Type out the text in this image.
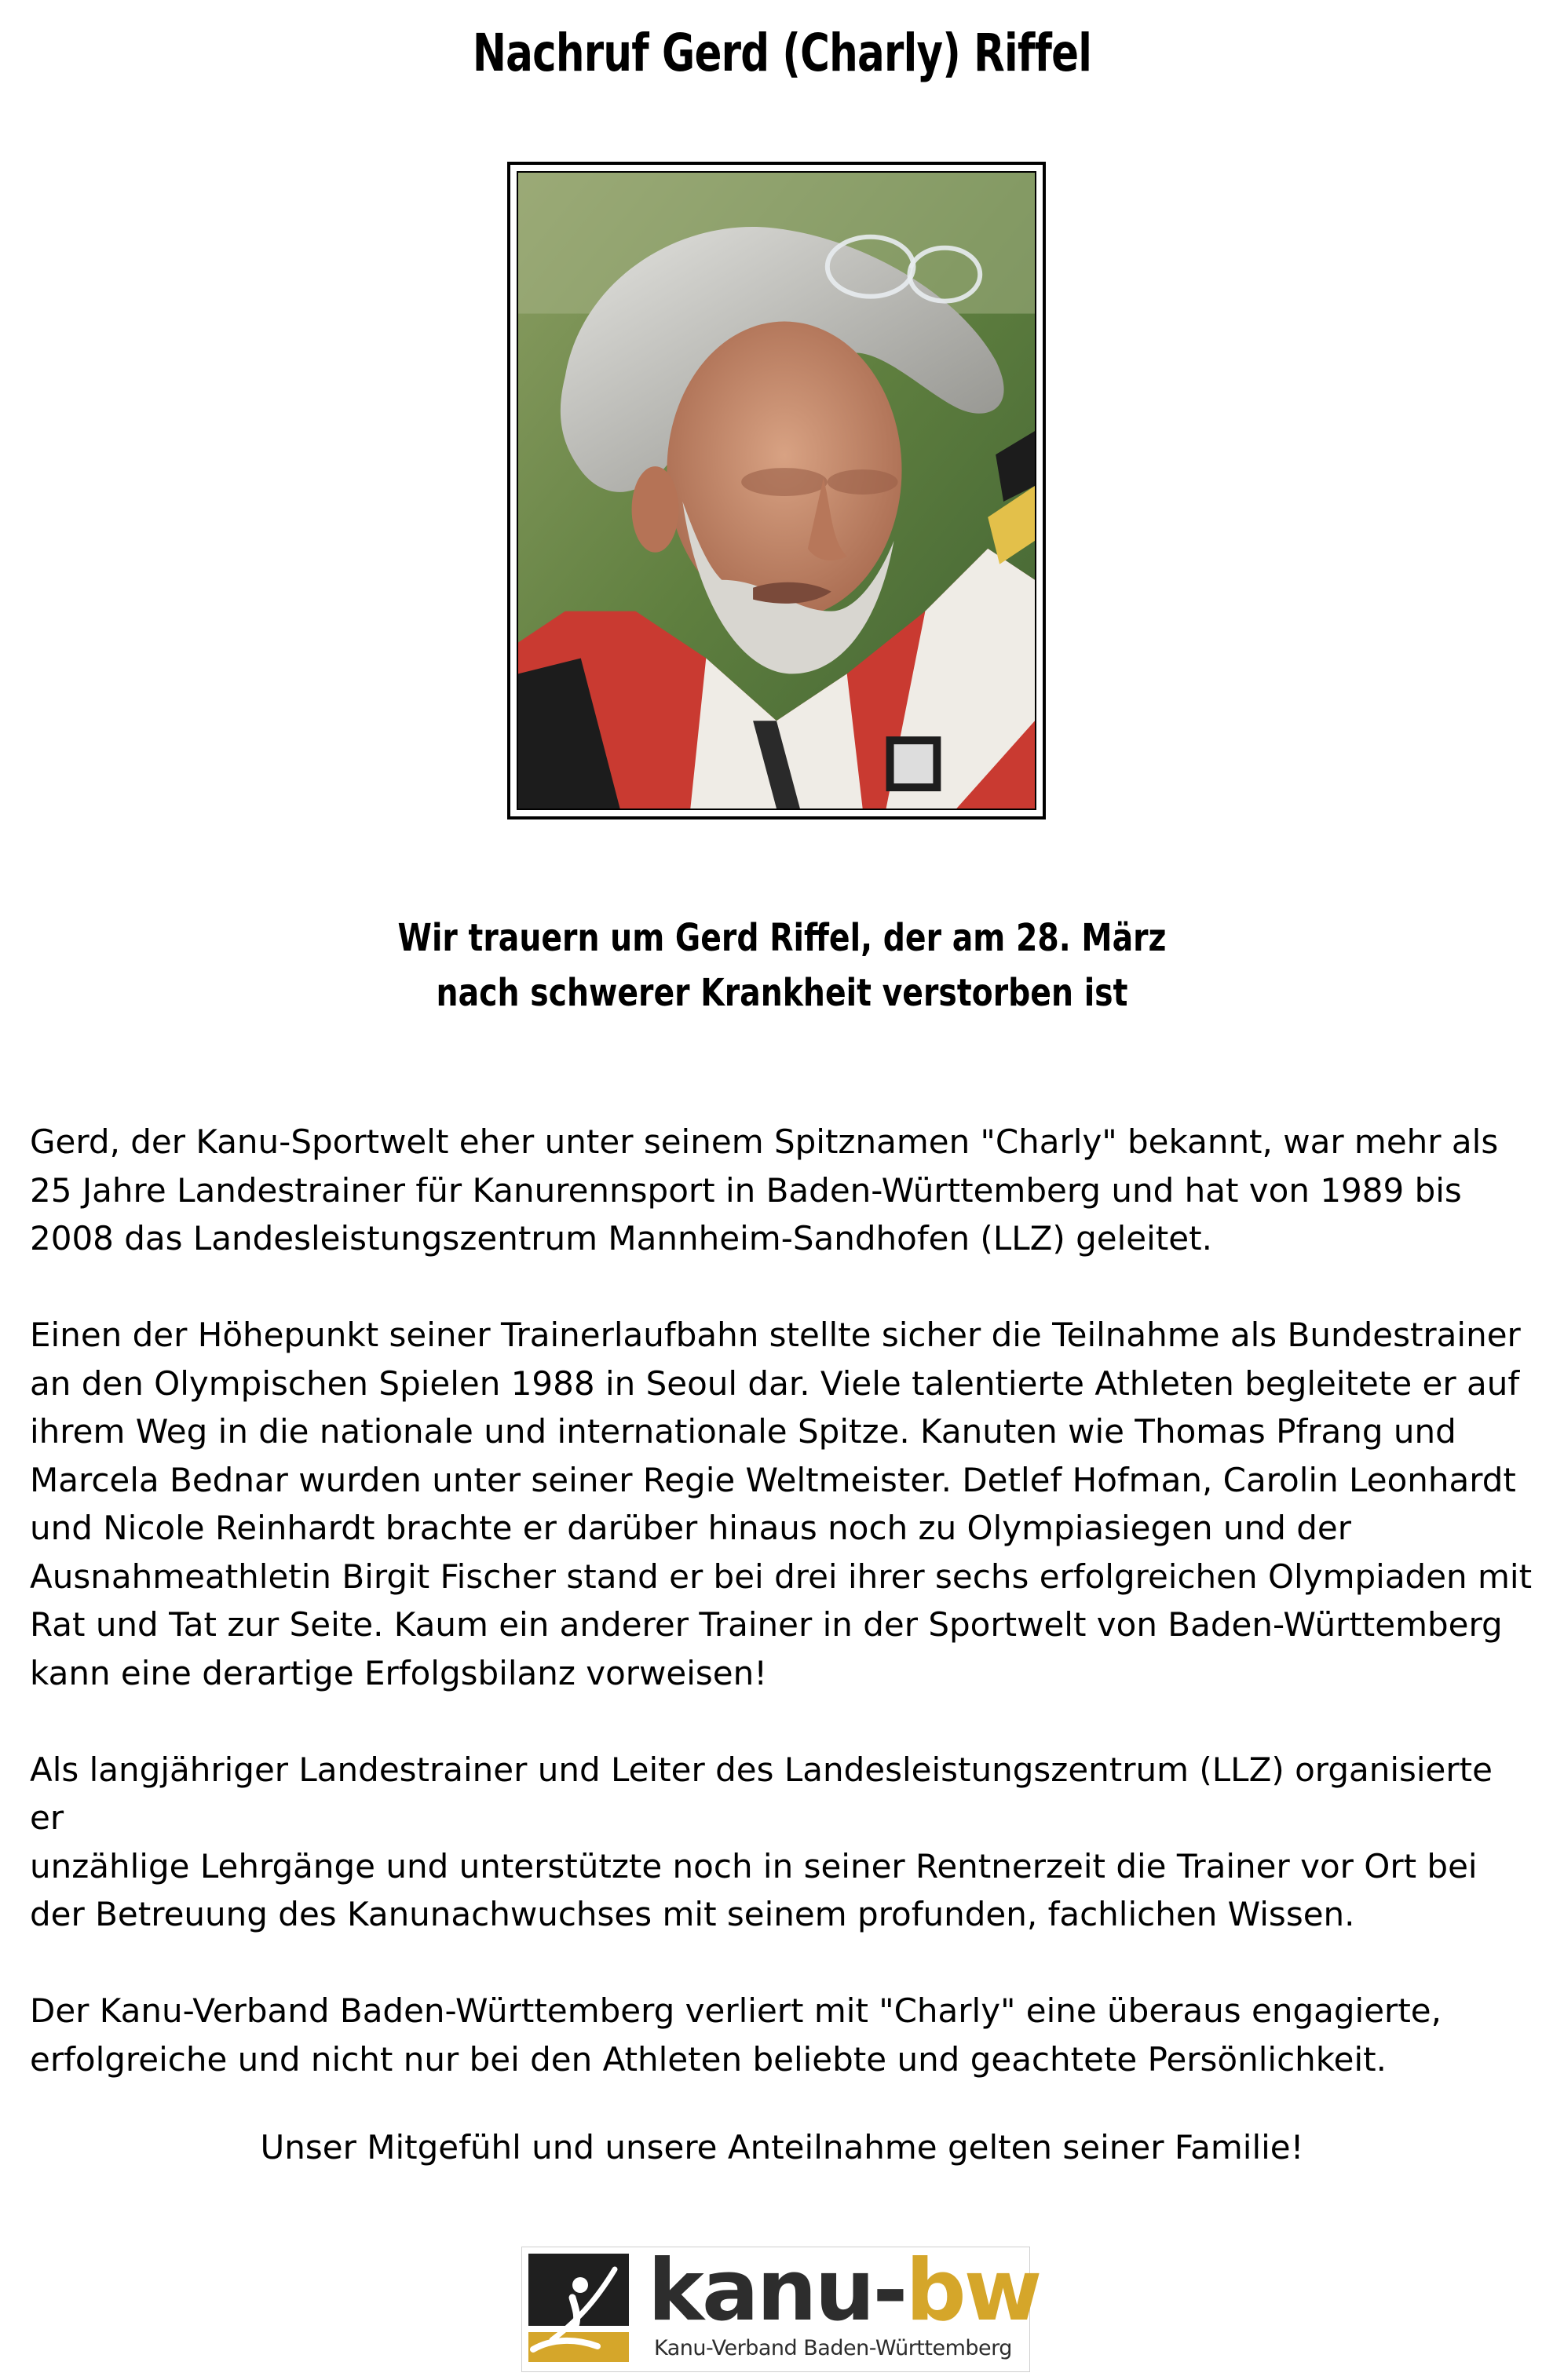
Nachruf Gerd (Charly) Riffel
Wir trauern um Gerd Riffel, der am 28. März
nach schwerer Krankheit verstorben ist

Gerd, der Kanu-Sportwelt eher unter seinem Spitznamen "Charly" bekannt, war mehr als
25 Jahre Landestrainer für Kanurennsport in Baden-Württemberg und hat von 1989 bis
2008 das Landesleistungszentrum Mannheim-Sandhofen (LLZ) geleitet.

Einen der Höhepunkt seiner Trainerlaufbahn stellte sicher die Teilnahme als Bundestrainer
an den Olympischen Spielen 1988 in Seoul dar. Viele talentierte Athleten begleitete er auf
ihrem Weg in die nationale und internationale Spitze. Kanuten wie Thomas Pfrang und
Marcela Bednar wurden unter seiner Regie Weltmeister. Detlef Hofman, Carolin Leonhardt
und Nicole Reinhardt brachte er darüber hinaus noch zu Olympiasiegen und der
Ausnahmeathletin Birgit Fischer stand er bei drei ihrer sechs erfolgreichen Olympiaden mit
Rat und Tat zur Seite. Kaum ein anderer Trainer in der Sportwelt von Baden-Württemberg
kann eine derartige Erfolgsbilanz vorweisen!

Als langjähriger Landestrainer und Leiter des Landesleistungszentrum (LLZ) organisierte er
unzählige Lehrgänge und unterstützte noch in seiner Rentnerzeit die Trainer vor Ort bei
der Betreuung des Kanunachwuchses mit seinem profunden, fachlichen Wissen.

Der Kanu-Verband Baden-Württemberg verliert mit "Charly" eine überaus engagierte,
erfolgreiche und nicht nur bei den Athleten beliebte und geachtete Persönlichkeit.

Unser Mitgefühl und unsere Anteilnahme gelten seiner Familie!
kanu-bw
Kanu-Verband Baden-Württemberg
